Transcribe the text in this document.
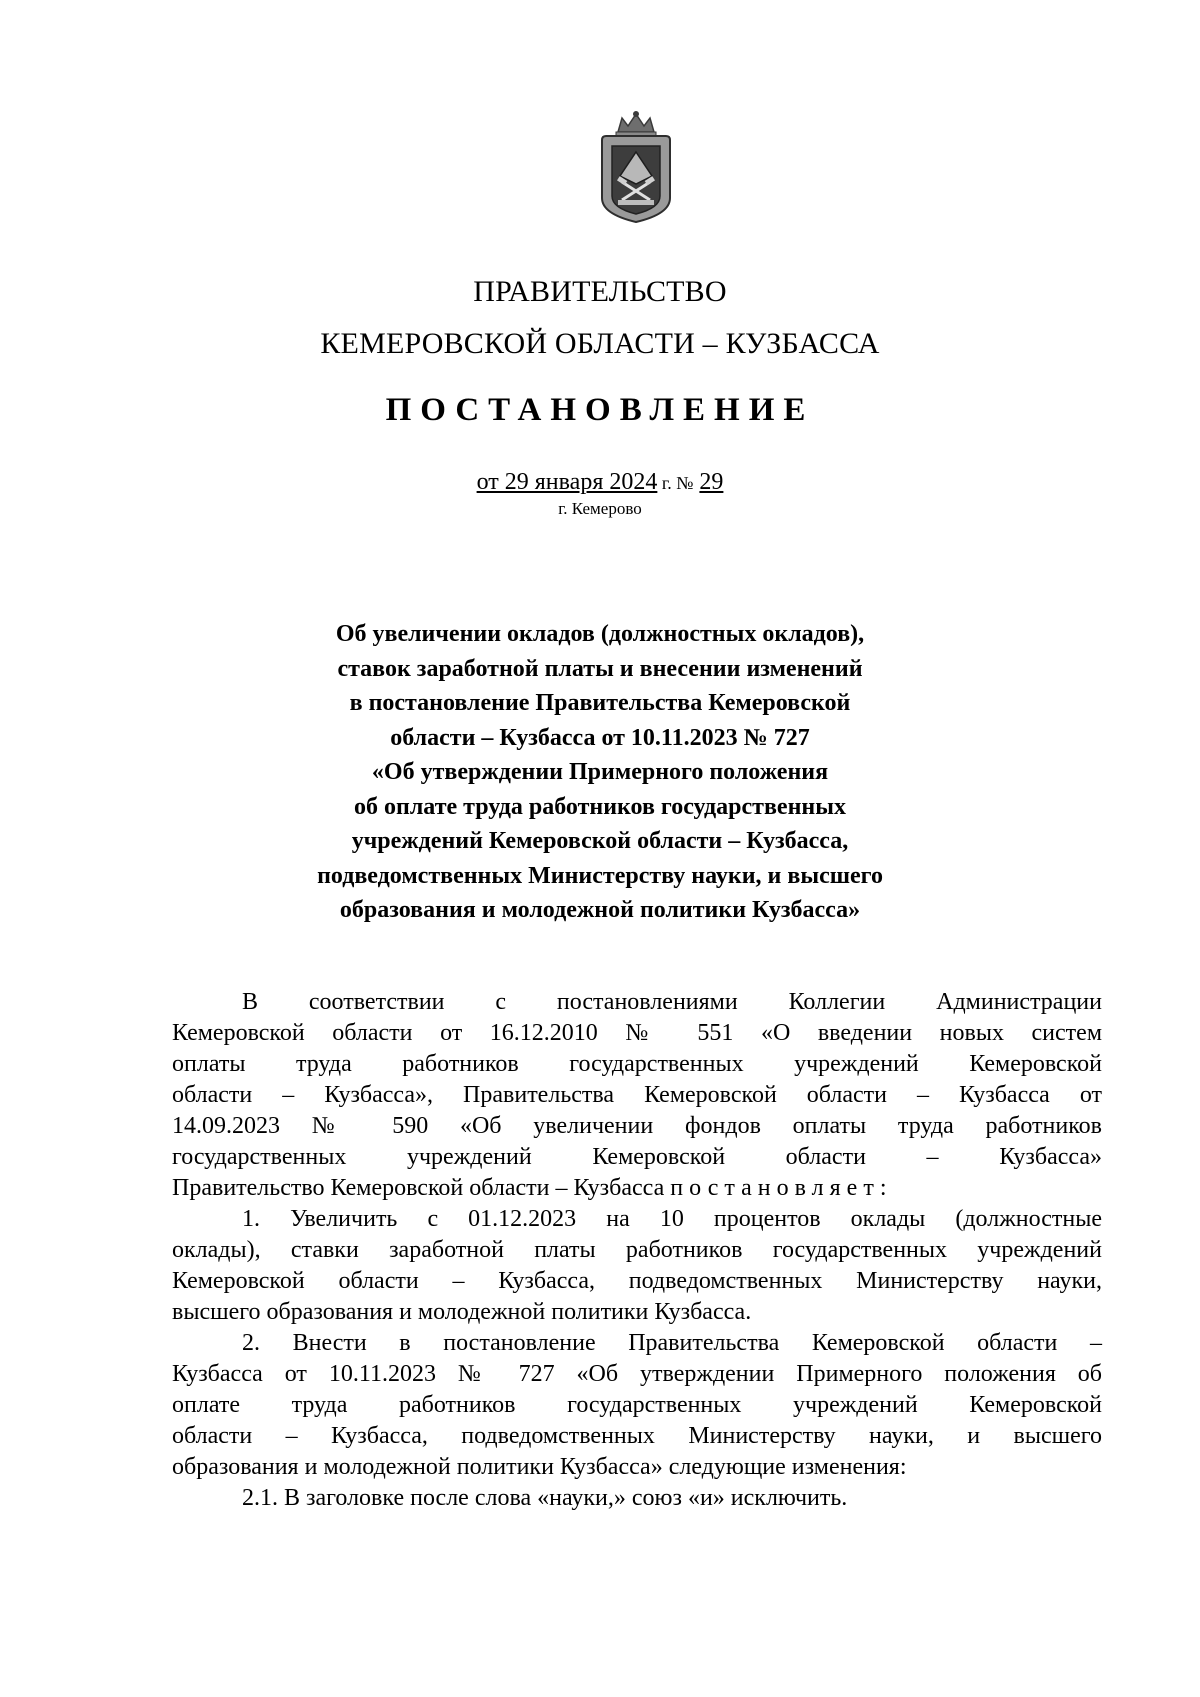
ПРАВИТЕЛЬСТВО
КЕМЕРОВСКОЙ ОБЛАСТИ – КУЗБАССА
ПОСТАНОВЛЕНИЕ
от 29 января 2024 г. № 29
г. Кемерово
Об увеличении окладов (должностных окладов),
ставок заработной платы и внесении изменений
в постановление Правительства Кемеровской
области – Кузбасса от 10.11.2023 № 727
«Об утверждении Примерного положения
об оплате труда работников государственных
учреждений Кемеровской области – Кузбасса,
подведомственных Министерству науки, и высшего
образования и молодежной политики Кузбасса»
В соответствии с постановлениями Коллегии Администрации
Кемеровской области от 16.12.2010 № 551 «О введении новых систем
оплаты труда работников государственных учреждений Кемеровской
области – Кузбасса», Правительства Кемеровской области – Кузбасса от
14.09.2023 № 590 «Об увеличении фондов оплаты труда работников
государственных учреждений Кемеровской области – Кузбасса»
Правительство Кемеровской области – Кузбасса постановляет:
1. Увеличить с 01.12.2023 на 10 процентов оклады (должностные
оклады), ставки заработной платы работников государственных учреждений
Кемеровской области – Кузбасса, подведомственных Министерству науки,
высшего образования и молодежной политики Кузбасса.
2. Внести в постановление Правительства Кемеровской области –
Кузбасса от 10.11.2023 № 727 «Об утверждении Примерного положения об
оплате труда работников государственных учреждений Кемеровской
области – Кузбасса, подведомственных Министерству науки, и высшего
образования и молодежной политики Кузбасса» следующие изменения:
2.1. В заголовке после слова «науки,» союз «и» исключить.
